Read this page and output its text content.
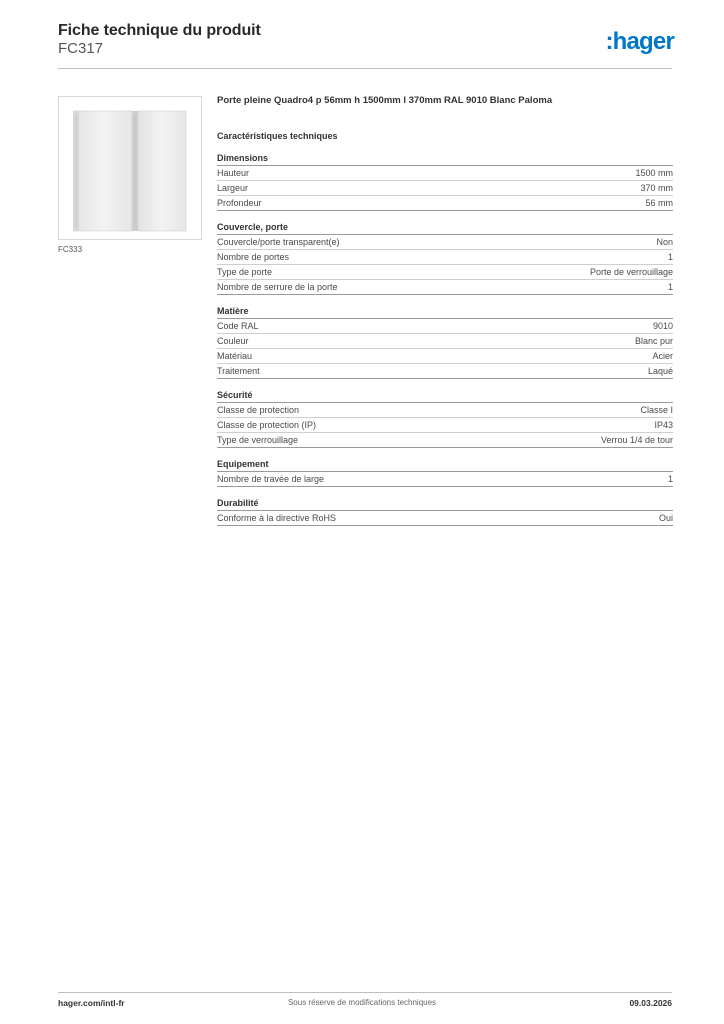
Fiche technique du produit
FC317	:hager
FC333
Porte pleine Quadro4 p 56mm h 1500mm l 370mm RAL 9010 Blanc Paloma
Caractéristiques techniques
Dimensions
Hauteur	1500 mm
Largeur	370 mm
Profondeur	56 mm
Couvercle, porte
Couvercle/porte transparent(e)	Non
Nombre de portes	1
Type de porte	Porte de verrouillage
Nombre de serrure de la porte	1
Matière
Code RAL	9010
Couleur	Blanc pur
Matériau	Acier
Traitement	Laqué
Sécurité
Classe de protection	Classe I
Classe de protection (IP)	IP43
Type de verrouillage	Verrou 1/4 de tour
Equipement
Nombre de travée de large	1
Durabilité
Conforme à la directive RoHS	Oui
hager.com/intl-fr	Sous réserve de modifications techniques	09.03.2026
